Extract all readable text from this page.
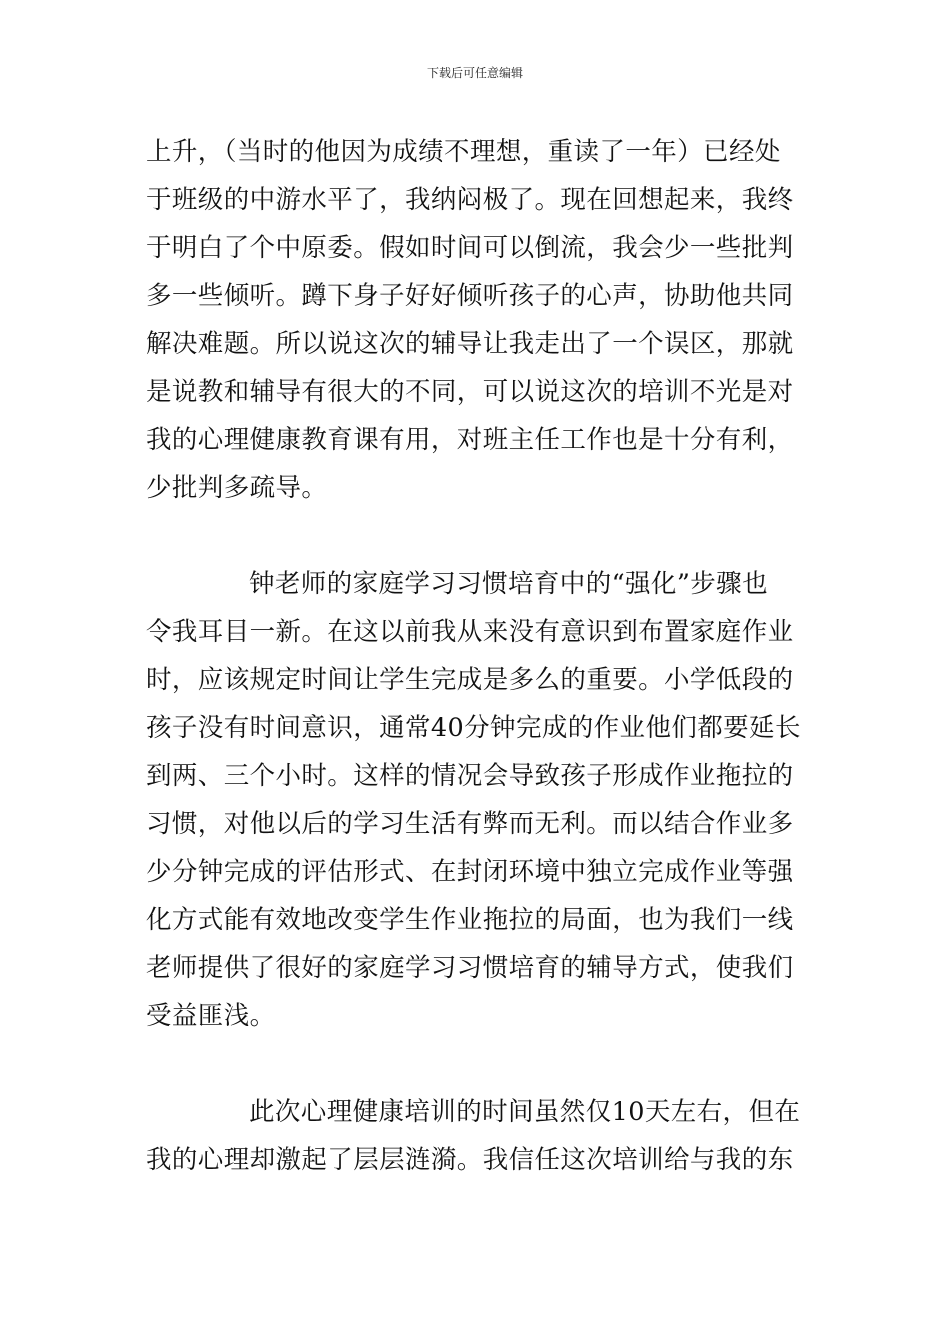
下载后可任意编辑
上升，（当时的他因为成绩不理想，重读了一年）已经处
于班级的中游水平了，我纳闷极了。现在回想起来，我终
于明白了个中原委。假如时间可以倒流，我会少一些批判
多一些倾听。蹲下身子好好倾听孩子的心声，协助他共同
解决难题。所以说这次的辅导让我走出了一个误区，那就
是说教和辅导有很大的不同，可以说这次的培训不光是对
我的心理健康教育课有用，对班主任工作也是十分有利，
少批判多疏导。
钟老师的家庭学习习惯培育中的“强化”步骤也
令我耳目一新。在这以前我从来没有意识到布置家庭作业
时，应该规定时间让学生完成是多么的重要。小学低段的
孩子没有时间意识，通常40分钟完成的作业他们都要延长
到两、三个小时。这样的情况会导致孩子形成作业拖拉的
习惯，对他以后的学习生活有弊而无利。而以结合作业多
少分钟完成的评估形式、在封闭环境中独立完成作业等强
化方式能有效地改变学生作业拖拉的局面，也为我们一线
老师提供了很好的家庭学习习惯培育的辅导方式，使我们
受益匪浅。
此次心理健康培训的时间虽然仅10天左右，但在
我的心理却激起了层层涟漪。我信任这次培训给与我的东
